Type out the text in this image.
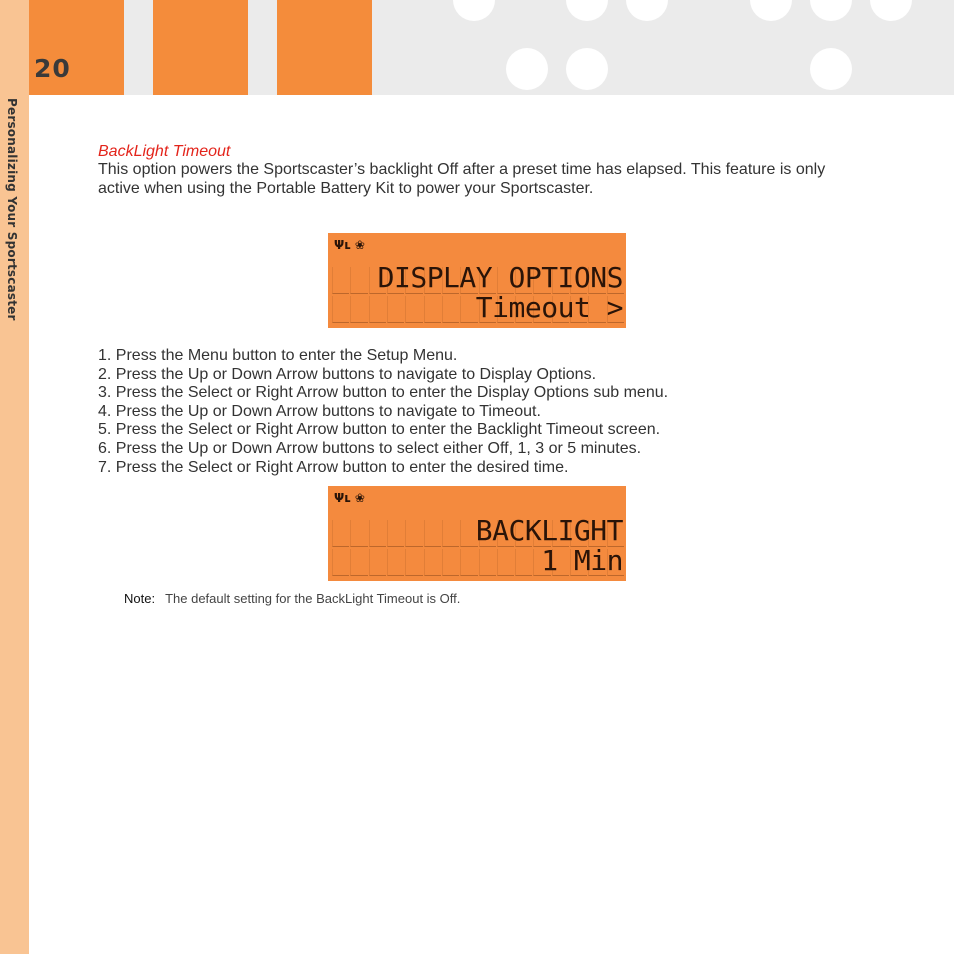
Personalizing Your Sportscaster
20
BackLight Timeout
This option powers the Sportscaster’s backlight Off after a preset time has elapsed. This feature is only active when using the Portable Battery Kit to power your Sportscaster.
Ψʟ ❀
DISPLAY OPTIONS
Timeout >
1. Press the Menu button to enter the Setup Menu.
2. Press the Up or Down Arrow buttons to navigate to Display Options.
3. Press the Select or Right Arrow button to enter the Display Options sub menu.
4. Press the Up or Down Arrow buttons to navigate to Timeout.
5. Press the Select or Right Arrow button to enter the Backlight Timeout screen.
6. Press the Up or Down Arrow buttons to select either Off, 1, 3 or 5 minutes.
7. Press the Select or Right Arrow button to enter the desired time.
Ψʟ ❀
BACKLIGHT
1 Min
Note: The default setting for the BackLight Timeout is Off.
